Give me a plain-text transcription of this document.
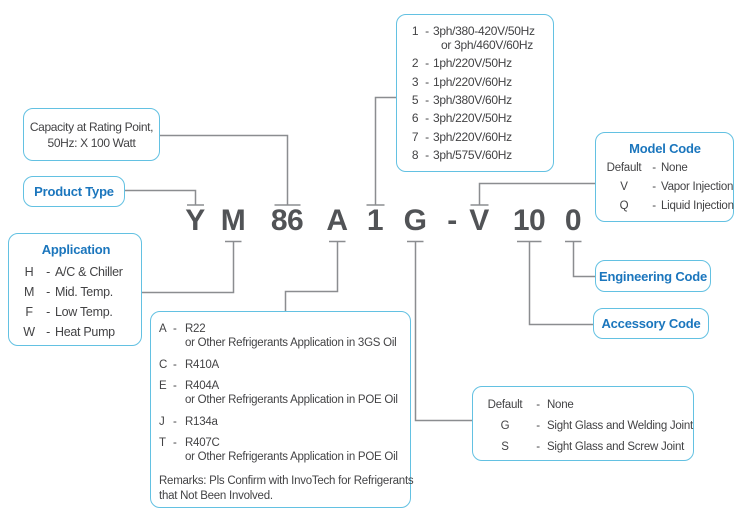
Y M 86 A 1 G - V 10 0
1 - 3ph/380-420V/50Hz
or 3ph/460V/60Hz
2 - 1ph/220V/50Hz
3 - 1ph/220V/60Hz
5 - 3ph/380V/60Hz
6 - 3ph/220V/50Hz
7 - 3ph/220V/60Hz
8 - 3ph/575V/60Hz
Capacity at Rating Point,
50Hz: X 100 Watt
Product Type
Application
H	- A/C & Chiller
M - Mid. Temp.
F	- Low Temp.
W - Heat Pump
Model Code
Default - None
V	- Vapor Injection
Q	- Liquid Injection
Engineering Code
Accessory Code
A - R22
or Other Refrigerants Application in 3GS Oil
C - R410A
E - R404A
or Other Refrigerants Application in POE Oil
J - R134a
T - R407C
or Other Refrigerants Application in POE Oil
Remarks: Pls Confirm with InvoTech for Refrigerants
that Not Been Involved.
Default	- None
G	- Sight Glass and Welding Joint
S	- Sight Glass and Screw Joint
